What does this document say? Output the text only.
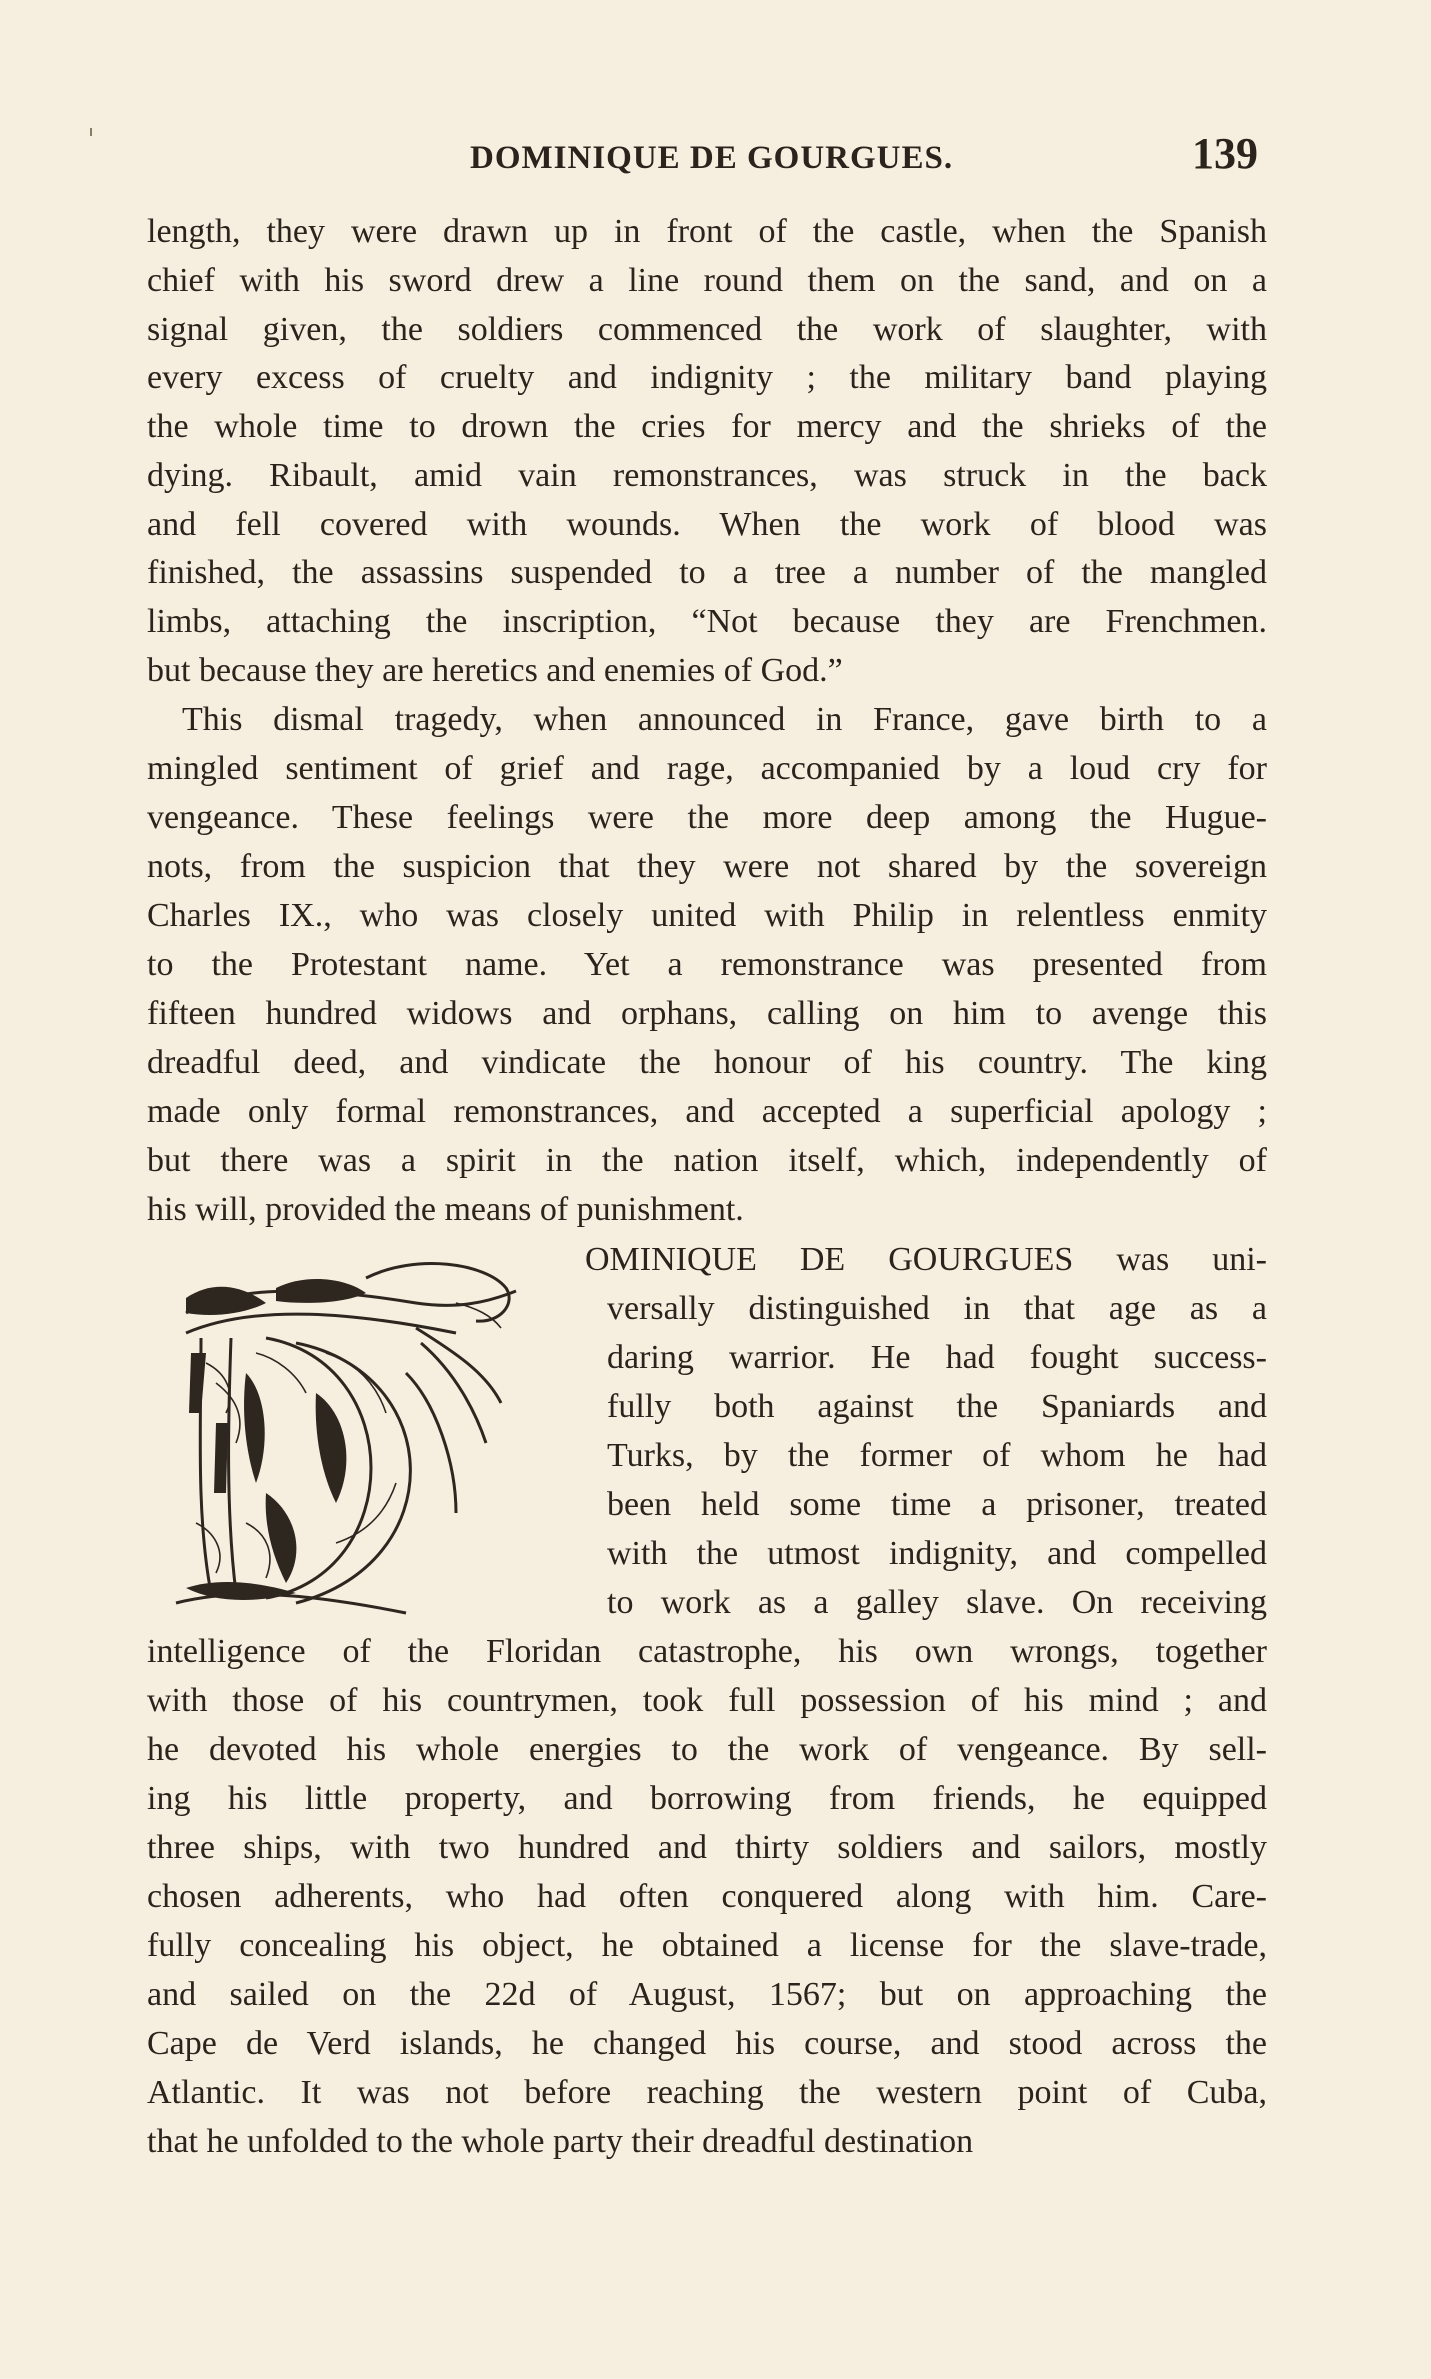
DOMINIQUE DE GOURGUES.	139
length, they were drawn up in front of the castle, when the Spanish
chief with his sword drew a line round them on the sand, and on a
signal given, the soldiers commenced the work of slaughter, with
every excess of cruelty and indignity ; the military band playing
the whole time to drown the cries for mercy and the shrieks of the
dying. Ribault, amid vain remonstrances, was struck in the back
and fell covered with wounds. When the work of blood was
finished, the assassins suspended to a tree a number of the mangled
limbs, attaching the inscription, “Not because they are Frenchmen.
but because they are heretics and enemies of God.”
This dismal tragedy, when announced in France, gave birth to a
mingled sentiment of grief and rage, accompanied by a loud cry for
vengeance. These feelings were the more deep among the Hugue-
nots, from the suspicion that they were not shared by the sovereign
Charles IX., who was closely united with Philip in relentless enmity
to the Protestant name. Yet a remonstrance was presented from
fifteen hundred widows and orphans, calling on him to avenge this
dreadful deed, and vindicate the honour of his country. The king
made only formal remonstrances, and accepted a superficial apology ;
but there was a spirit in the nation itself, which, independently of
his will, provided the means of punishment.
OMINIQUE DE GOURGUES was uni-
versally distinguished in that age as a
daring warrior. He had fought success-
fully both against the Spaniards and
Turks, by the former of whom he had
been held some time a prisoner, treated
with the utmost indignity, and compelled
to work as a galley slave. On receiving
intelligence of the Floridan catastrophe, his own wrongs, together
with those of his countrymen, took full possession of his mind ; and
he devoted his whole energies to the work of vengeance. By sell-
ing his little property, and borrowing from friends, he equipped
three ships, with two hundred and thirty soldiers and sailors, mostly
chosen adherents, who had often conquered along with him. Care-
fully concealing his object, he obtained a license for the slave-trade,
and sailed on the 22d of August, 1567; but on approaching the
Cape de Verd islands, he changed his course, and stood across the
Atlantic. It was not before reaching the western point of Cuba,
that he unfolded to the whole party their dreadful destination
